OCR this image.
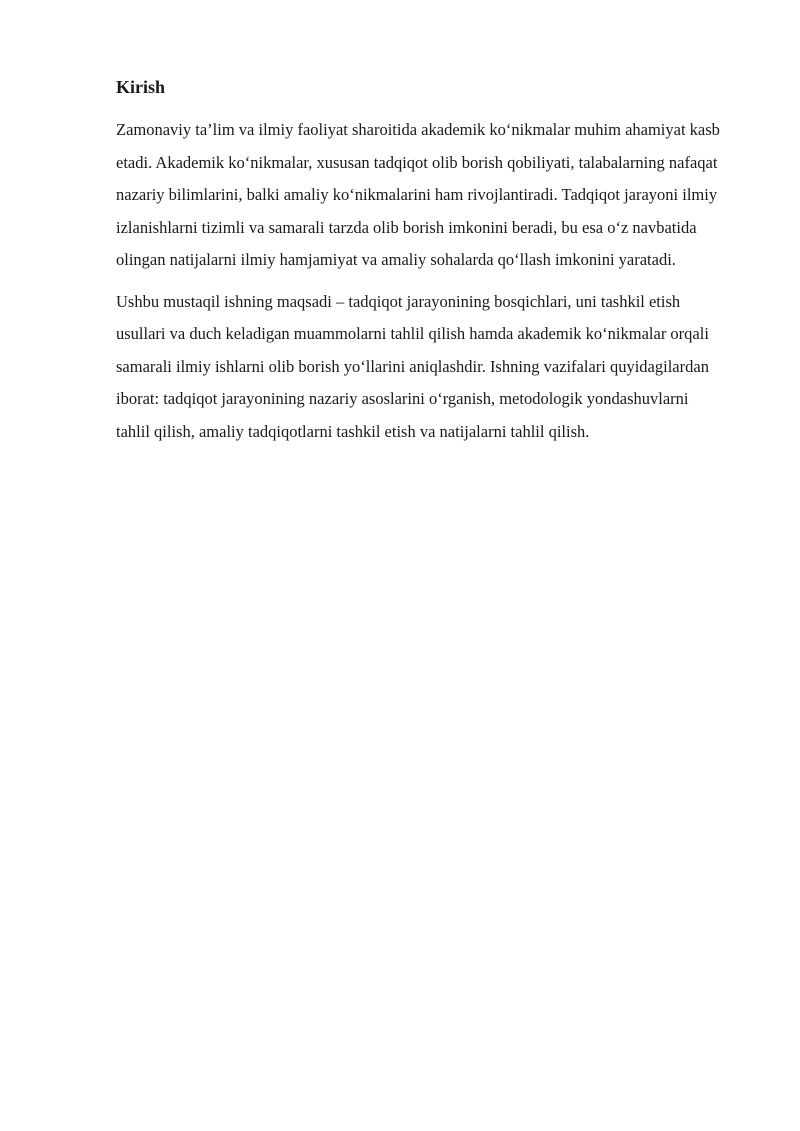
Kirish

Zamonaviy ta’lim va ilmiy faoliyat sharoitida akademik ko‘nikmalar muhim ahamiyat kasb etadi. Akademik ko‘nikmalar, xususan tadqiqot olib borish qobiliyati, talabalarning nafaqat nazariy bilimlarini, balki amaliy ko‘nikmalarini ham rivojlantiradi. Tadqiqot jarayoni ilmiy izlanishlarni tizimli va samarali tarzda olib borish imkonini beradi, bu esa o‘z navbatida olingan natijalarni ilmiy hamjamiyat va amaliy sohalarda qo‘llash imkonini yaratadi.

Ushbu mustaqil ishning maqsadi – tadqiqot jarayonining bosqichlari, uni tashkil etish usullari va duch keladigan muammolarni tahlil qilish hamda akademik ko‘nikmalar orqali samarali ilmiy ishlarni olib borish yo‘llarini aniqlashdir. Ishning vazifalari quyidagilardan iborat: tadqiqot jarayonining nazariy asoslarini o‘rganish, metodologik yondashuvlarni tahlil qilish, amaliy tadqiqotlarni tashkil etish va natijalarni tahlil qilish.
